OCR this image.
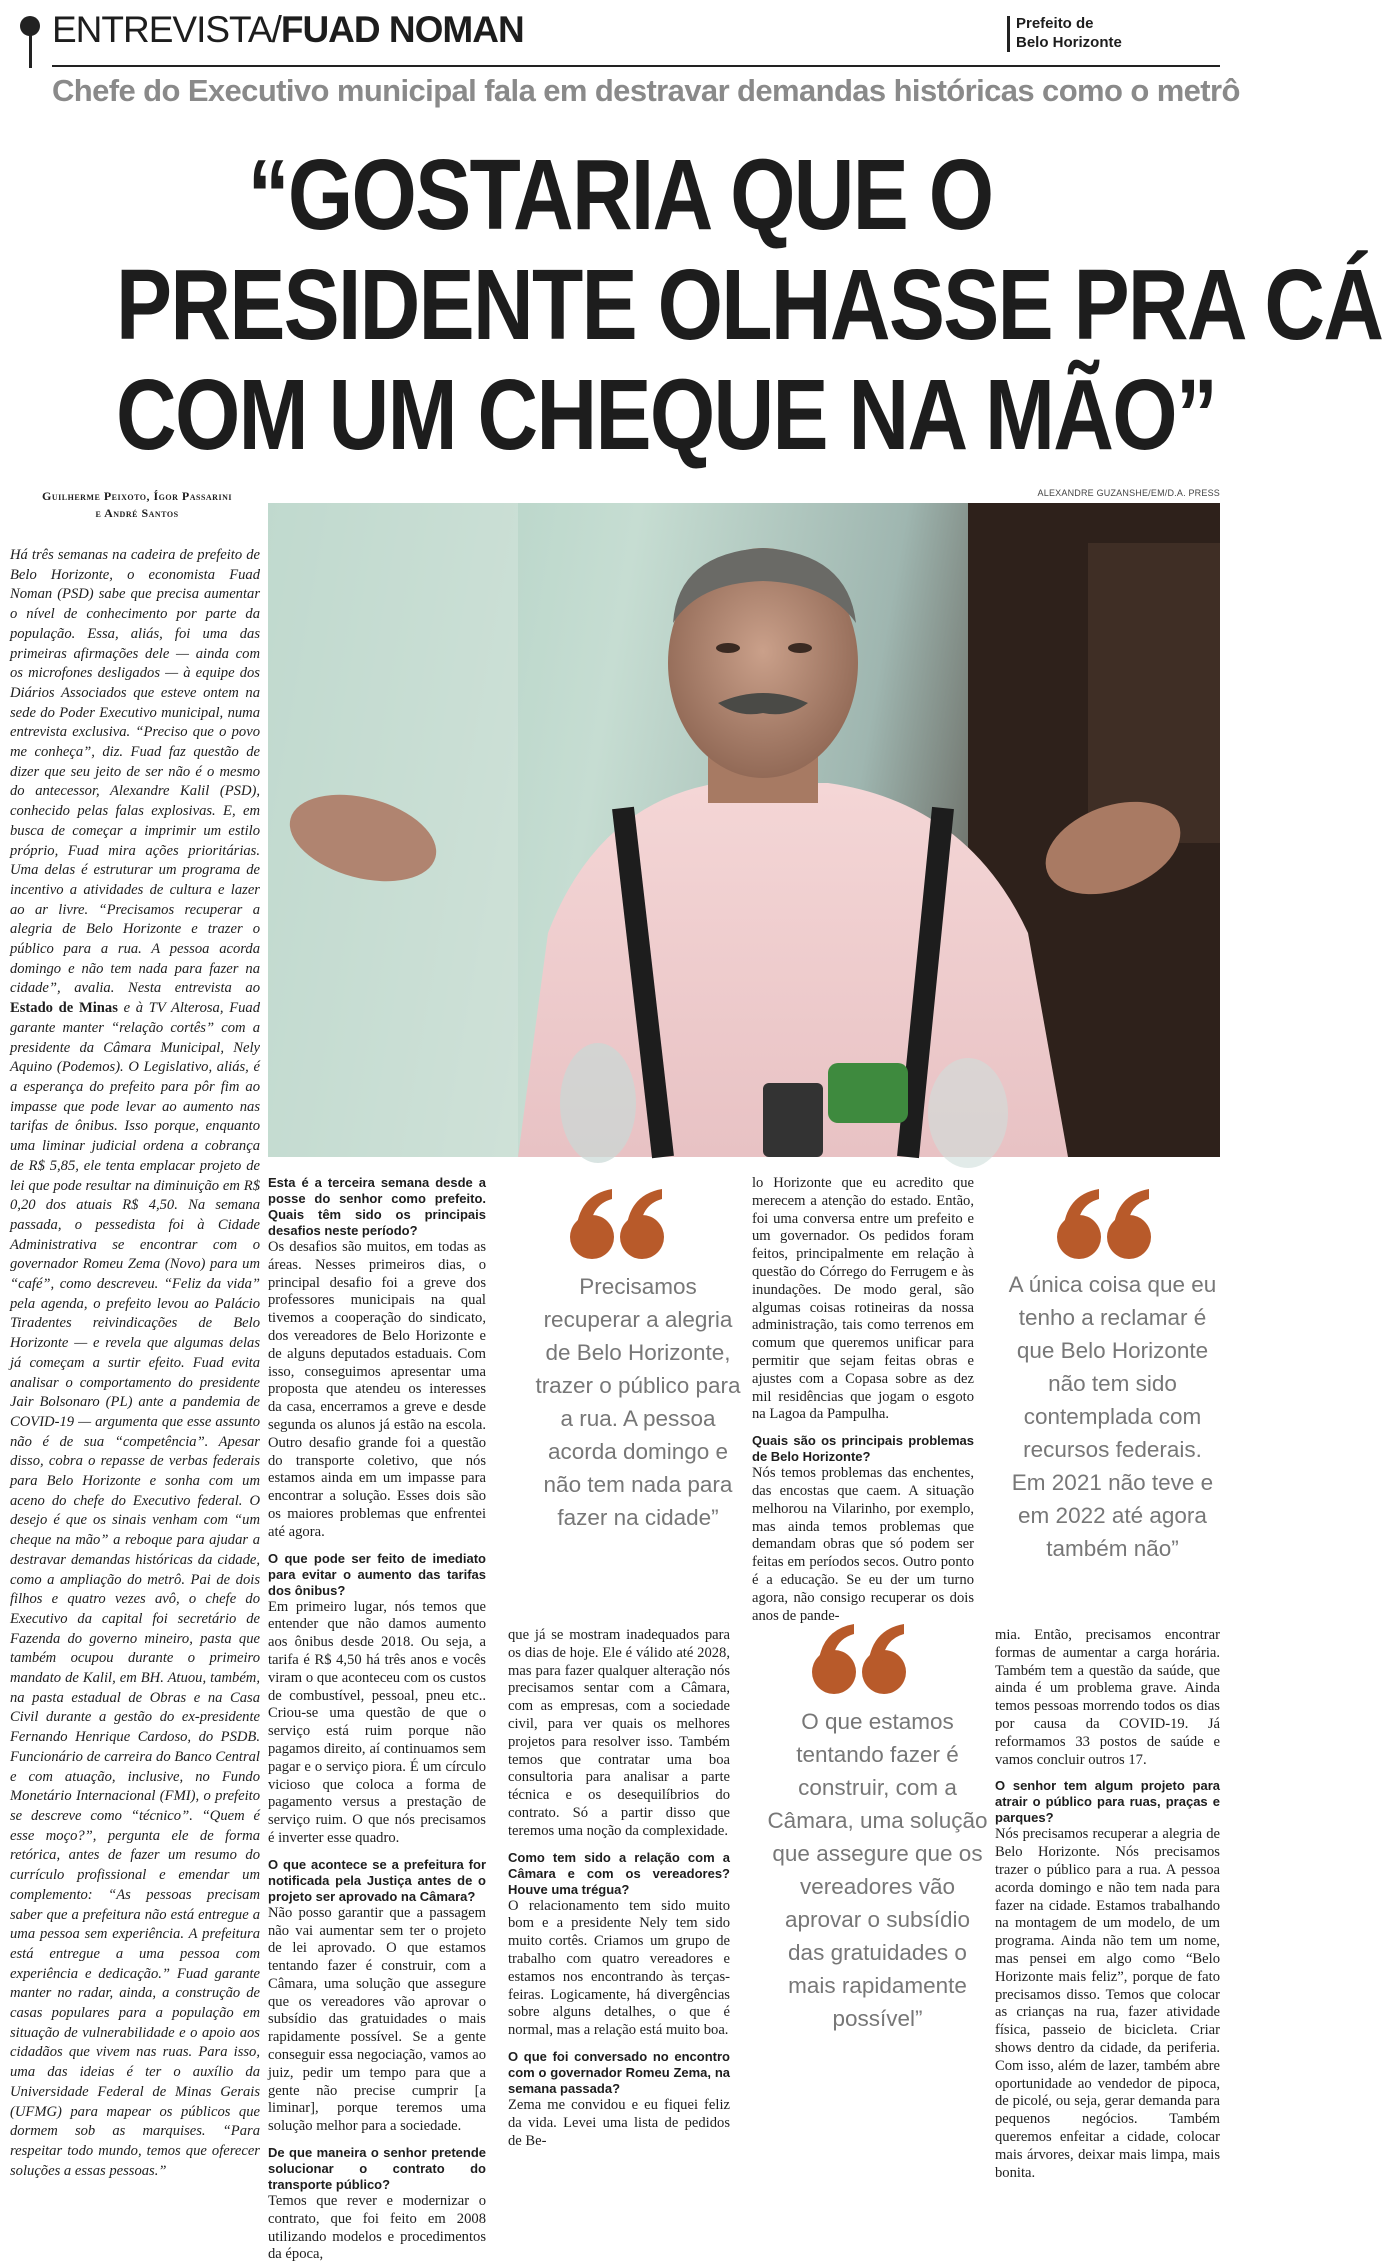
ENTREVISTA/FUAD NOMAN	Prefeito de
Belo Horizonte
Chefe do Executivo municipal fala em destravar demandas históricas como o metrô
“GOSTARIA QUE O
PRESIDENTE OLHASSE PRA CÁ
COM UM CHEQUE NA MÃO”
Guilherme Peixoto, Ígor Passarini
e André Santos
ALEXANDRE GUZANSHE/EM/D.A. PRESS
Há três semanas na cadeira de prefeito de Belo Horizonte, o economista Fuad Noman (PSD) sabe que precisa aumentar o nível de conhecimento por parte da população. Essa, aliás, foi uma das primeiras afirmações dele — ainda com os microfones desligados — à equipe dos Diários Associados que esteve ontem na sede do Poder Executivo municipal, numa entrevista exclusiva. “Preciso que o povo me conheça”, diz. Fuad faz questão de dizer que seu jeito de ser não é o mesmo do antecessor, Alexandre Kalil (PSD), conhecido pelas falas explosivas. E, em busca de começar a imprimir um estilo próprio, Fuad mira ações prioritárias. Uma delas é estruturar um programa de incentivo a atividades de cultura e lazer ao ar livre. “Precisamos recuperar a alegria de Belo Horizonte e trazer o público para a rua. A pessoa acorda domingo e não tem nada para fazer na cidade”, avalia. Nesta entrevista ao Estado de Minas e à TV Alterosa, Fuad garante manter “relação cortês” com a presidente da Câmara Municipal, Nely Aquino (Podemos). O Legislativo, aliás, é a esperança do prefeito para pôr fim ao impasse que pode levar ao aumento nas tarifas de ônibus. Isso porque, enquanto uma liminar judicial ordena a cobrança de R$ 5,85, ele tenta emplacar projeto de lei que pode resultar na diminuição em R$ 0,20 dos atuais R$ 4,50. Na semana passada, o pessedista foi à Cidade Administrativa se encontrar com o governador Romeu Zema (Novo) para um “café”, como descreveu. “Feliz da vida” pela agenda, o prefeito levou ao Palácio Tiradentes reivindicações de Belo Horizonte — e revela que algumas delas já começam a surtir efeito. Fuad evita analisar o comportamento do presidente Jair Bolsonaro (PL) ante a pandemia de COVID-19 — argumenta que esse assunto não é de sua “competência”. Apesar disso, cobra o repasse de verbas federais para Belo Horizonte e sonha com um aceno do chefe do Executivo federal. O desejo é que os sinais venham com “um cheque na mão” a reboque para ajudar a destravar demandas históricas da cidade, como a ampliação do metrô. Pai de dois filhos e quatro vezes avô, o chefe do Executivo da capital foi secretário de Fazenda do governo mineiro, pasta que também ocupou durante o primeiro mandato de Kalil, em BH. Atuou, também, na pasta estadual de Obras e na Casa Civil durante a gestão do ex-presidente Fernando Henrique Cardoso, do PSDB. Funcionário de carreira do Banco Central e com atuação, inclusive, no Fundo Monetário Internacional (FMI), o prefeito se descreve como “técnico”. “Quem é esse moço?”, pergunta ele de forma retórica, antes de fazer um resumo do currículo profissional e emendar um complemento: “As pessoas precisam saber que a prefeitura não está entregue a uma pessoa sem experiência. A prefeitura está entregue a uma pessoa com experiência e dedicação.” Fuad garante manter no radar, ainda, a construção de casas populares para a população em situação de vulnerabilidade e o apoio aos cidadãos que vivem nas ruas. Para isso, uma das ideias é ter o auxílio da Universidade Federal de Minas Gerais (UFMG) para mapear os públicos que dormem sob as marquises. “Para respeitar todo mundo, temos que oferecer soluções a essas pessoas.”

Esta é a terceira semana desde a posse do senhor como prefeito. Quais têm sido os principais desafios neste período?

Os desafios são muitos, em todas as áreas. Nesses primeiros dias, o principal desafio foi a greve dos professores municipais na qual tivemos a cooperação do sindicato, dos vereadores de Belo Horizonte e de alguns deputados estaduais. Com isso, conseguimos apresentar uma proposta que atendeu os interesses da casa, encerramos a greve e desde segunda os alunos já estão na escola. Outro desafio grande foi a questão do transporte coletivo, que nós estamos ainda em um impasse para encontrar a solução. Esses dois são os maiores problemas que enfrentei até agora.

O que pode ser feito de imediato para evitar o aumento das tarifas dos ônibus?

Em primeiro lugar, nós temos que entender que não damos aumento aos ônibus desde 2018. Ou seja, a tarifa é R$ 4,50 há três anos e vocês viram o que aconteceu com os custos de combustível, pessoal, pneu etc.. Criou-se uma questão de que o serviço está ruim porque não pagamos direito, aí continuamos sem pagar e o serviço piora. É um círculo vicioso que coloca a forma de pagamento versus a prestação de serviço ruim. O que nós precisamos é inverter esse quadro.

O que acontece se a prefeitura for notificada pela Justiça antes de o projeto ser aprovado na Câmara?

Não posso garantir que a passagem não vai aumentar sem ter o projeto de lei aprovado. O que estamos tentando fazer é construir, com a Câmara, uma solução que assegure que os vereadores vão aprovar o subsídio das gratuidades o mais rapidamente possível. Se a gente conseguir essa negociação, vamos ao juiz, pedir um tempo para que a gente não precise cumprir [a liminar], porque teremos uma solução melhor para a sociedade.

De que maneira o senhor pretende solucionar o contrato do transporte público?

Temos que rever e modernizar o contrato, que foi feito em 2008 utilizando modelos e procedimentos da época,

Precisamos recuperar a alegria de Belo Horizonte, trazer o público para a rua. A pessoa acorda domingo e não tem nada para fazer na cidade”

que já se mostram inadequados para os dias de hoje. Ele é válido até 2028, mas para fazer qualquer alteração nós precisamos sentar com a Câmara, com as empresas, com a sociedade civil, para ver quais os melhores projetos para resolver isso. Também temos que contratar uma boa consultoria para analisar a parte técnica e os desequilíbrios do contrato. Só a partir disso que teremos uma noção da complexidade.

Como tem sido a relação com a Câmara e com os vereadores? Houve uma trégua?

O relacionamento tem sido muito bom e a presidente Nely tem sido muito cortês. Criamos um grupo de trabalho com quatro vereadores e estamos nos encontrando às terças-feiras. Logicamente, há divergências sobre alguns detalhes, o que é normal, mas a relação está muito boa.

O que foi conversado no encontro com o governador Romeu Zema, na semana passada?

Zema me convidou e eu fiquei feliz da vida. Levei uma lista de pedidos de Be-

lo Horizonte que eu acredito que merecem a atenção do estado. Então, foi uma conversa entre um prefeito e um governador. Os pedidos foram feitos, principalmente em relação à questão do Córrego do Ferrugem e às inundações. De modo geral, são algumas coisas rotineiras da nossa administração, tais como terrenos em comum que queremos unificar para permitir que sejam feitas obras e ajustes com a Copasa sobre as dez mil residências que jogam o esgoto na Lagoa da Pampulha.

Quais são os principais problemas de Belo Horizonte?

Nós temos problemas das enchentes, das encostas que caem. A situação melhorou na Vilarinho, por exemplo, mas ainda temos problemas que demandam obras que só podem ser feitas em períodos secos. Outro ponto é a educação. Se eu der um turno agora, não consigo recuperar os dois anos de pande-

O que estamos tentando fazer é construir, com a Câmara, uma solução que assegure que os vereadores vão aprovar o subsídio das gratuidades o mais rapidamente possível”
A única coisa que eu tenho a reclamar é que Belo Horizonte não tem sido contemplada com recursos federais. Em 2021 não teve e em 2022 até agora também não”

mia. Então, precisamos encontrar formas de aumentar a carga horária. Também tem a questão da saúde, que ainda é um problema grave. Ainda temos pessoas morrendo todos os dias por causa da COVID-19. Já reformamos 33 postos de saúde e vamos concluir outros 17.

O senhor tem algum projeto para atrair o público para ruas, praças e parques?

Nós precisamos recuperar a alegria de Belo Horizonte. Nós precisamos trazer o público para a rua. A pessoa acorda domingo e não tem nada para fazer na cidade. Estamos trabalhando na montagem de um modelo, de um programa. Ainda não tem um nome, mas pensei em algo como “Belo Horizonte mais feliz”, porque de fato precisamos disso. Temos que colocar as crianças na rua, fazer atividade física, passeio de bicicleta. Criar shows dentro da cidade, da periferia. Com isso, além de lazer, também abre oportunidade ao vendedor de pipoca, de picolé, ou seja, gerar demanda para pequenos negócios. Também queremos enfeitar a cidade, colocar mais árvores, deixar mais limpa, mais bonita.
